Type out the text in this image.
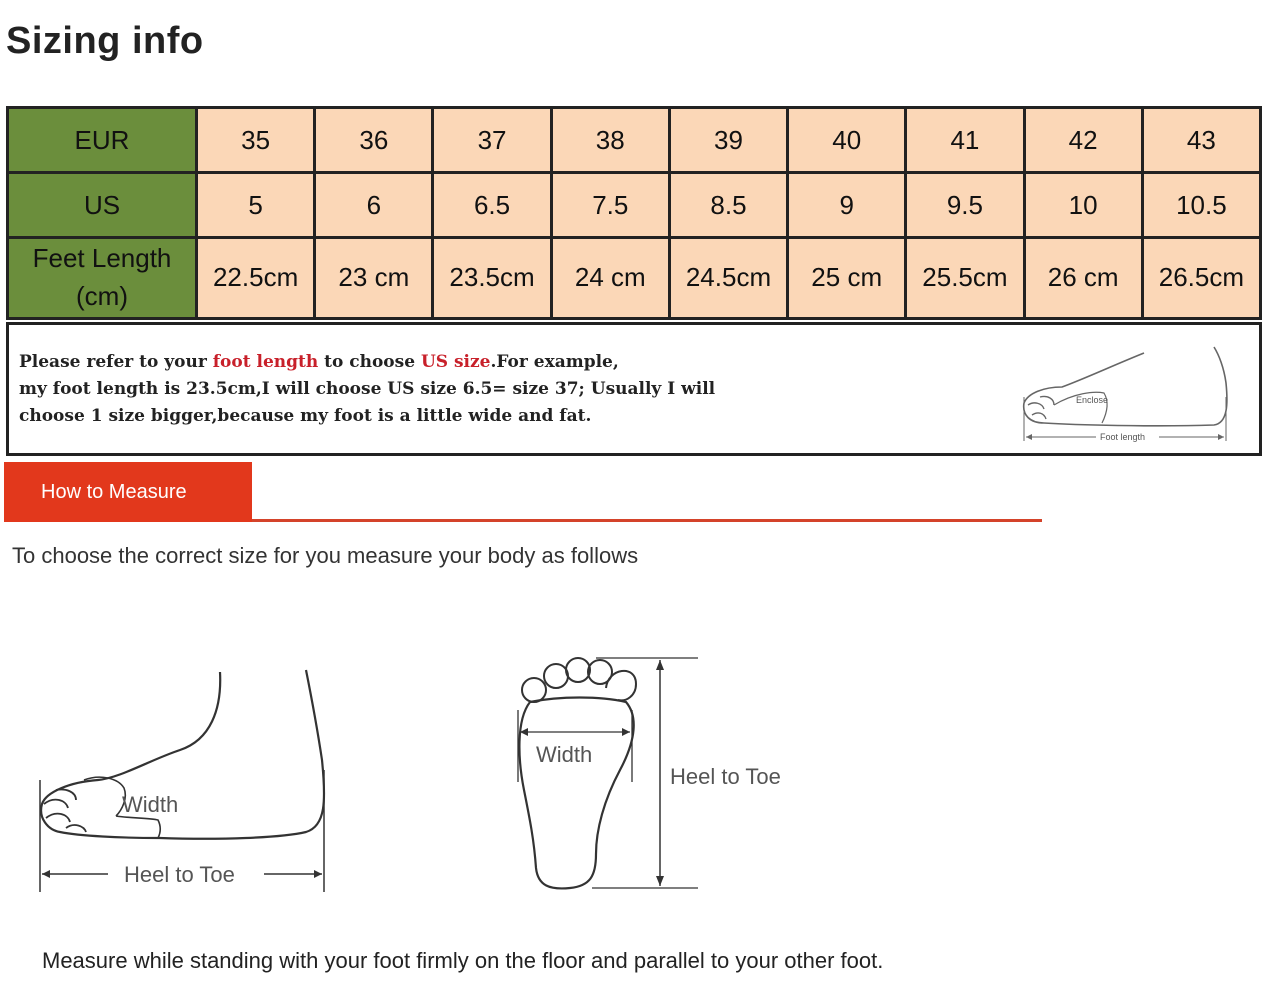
Sizing info
EUR	35	36	37	38	39	40	41	42	43
US	5	6	6.5	7.5	8.5	9	9.5	10	10.5
Feet Length
(cm)	22.5cm	23 cm	23.5cm	24 cm	24.5cm	25 cm	25.5cm	26 cm	26.5cm
Please refer to your foot length to choose US size.For example,
my foot length is 23.5cm,I will choose US size 6.5= size 37; Usually I will
choose 1 size bigger,because my foot is a little wide and fat.
Enclose
Foot length
How to Measure
To choose the correct size for you measure your body as follows
Width
Heel to Toe
Width
Heel to Toe
Measure while standing with your foot firmly on the floor and parallel to your other foot.
